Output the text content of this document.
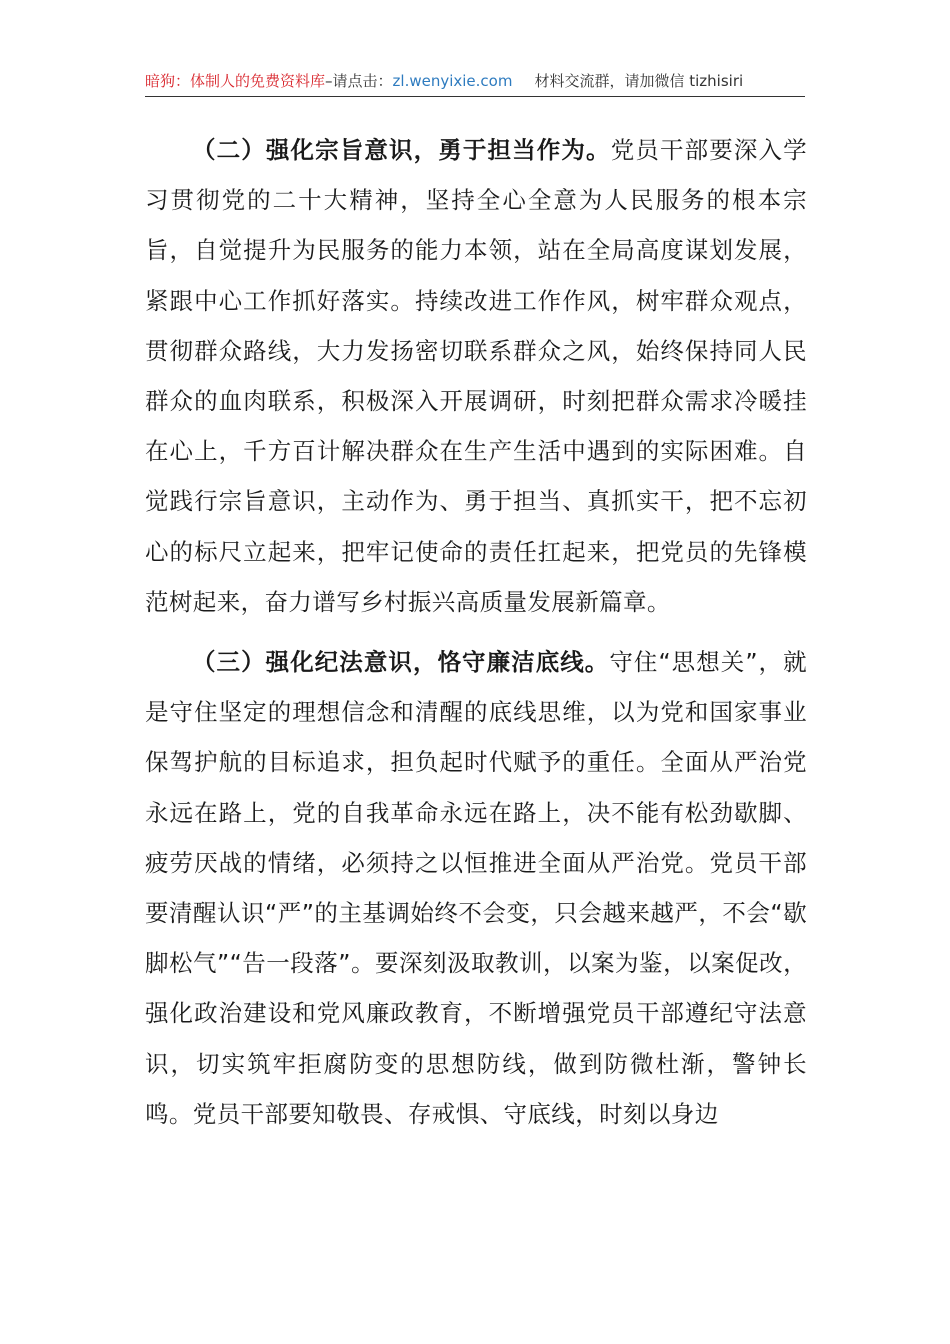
暗狗：体制人的免费资料库–请点击：zl.wenyixie.com 材料交流群，请加微信 tizhisiri

（二）强化宗旨意识，勇于担当作为。党员干部要深入学习贯彻党的二十大精神，坚持全心全意为人民服务的根本宗旨，自觉提升为民服务的能力本领，站在全局高度谋划发展，紧跟中心工作抓好落实。持续改进工作作风，树牢群众观点，贯彻群众路线，大力发扬密切联系群众之风，始终保持同人民群众的血肉联系，积极深入开展调研，时刻把群众需求冷暖挂在心上，千方百计解决群众在生产生活中遇到的实际困难。自觉践行宗旨意识，主动作为、勇于担当、真抓实干，把不忘初心的标尺立起来，把牢记使命的责任扛起来，把党员的先锋模范树起来，奋力谱写乡村振兴高质量发展新篇章。

（三）强化纪法意识，恪守廉洁底线。守住“思想关”，就是守住坚定的理想信念和清醒的底线思维，以为党和国家事业保驾护航的目标追求，担负起时代赋予的重任。全面从严治党永远在路上，党的自我革命永远在路上，决不能有松劲歇脚、疲劳厌战的情绪，必须持之以恒推进全面从严治党。党员干部要清醒认识“严”的主基调始终不会变，只会越来越严，不会“歇脚松气”“告一段落”。要深刻汲取教训，以案为鉴，以案促改，强化政治建设和党风廉政教育，不断增强党员干部遵纪守法意识，切实筑牢拒腐防变的思想防线，做到防微杜渐，警钟长鸣。党员干部要知敬畏、存戒惧、守底线，时刻以身边
